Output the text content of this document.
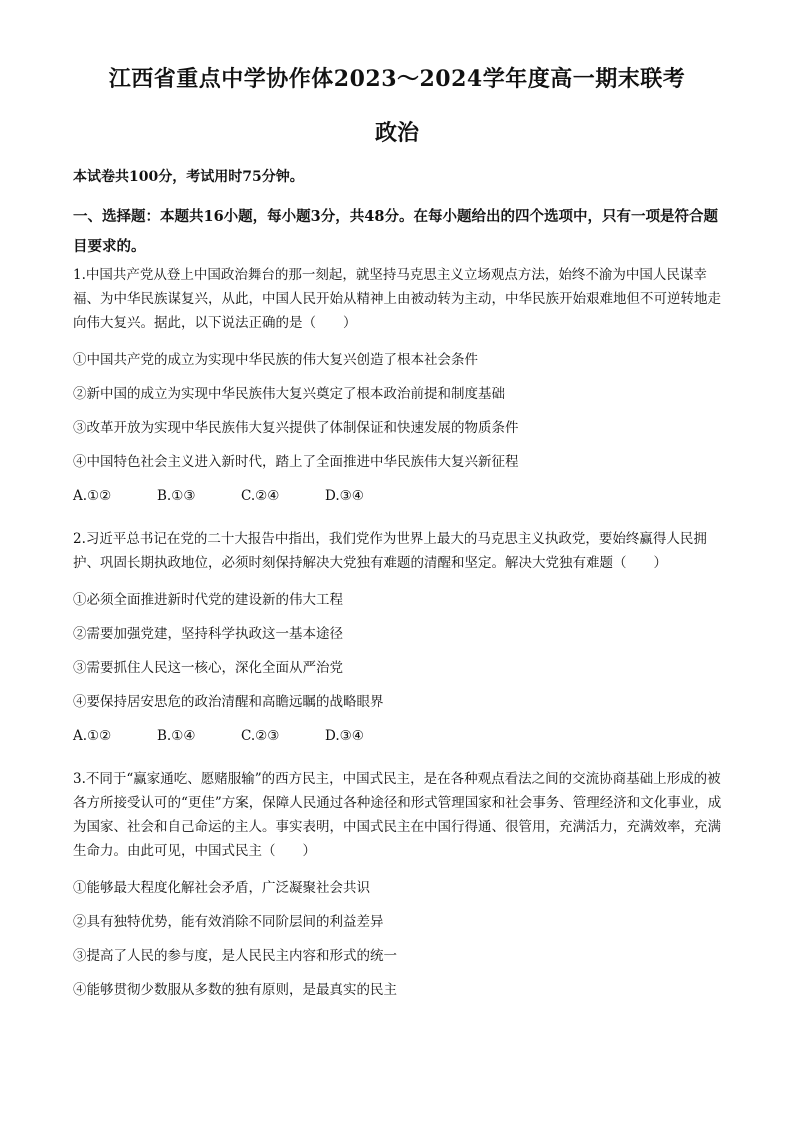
江西省重点中学协作体2023～2024学年度高一期末联考
政治
本试卷共100分，考试用时75分钟。
一、选择题：本题共16小题，每小题3分，共48分。在每小题给出的四个选项中，只有一项是符合题目要求的。
1.中国共产党从登上中国政治舞台的那一刻起，就坚持马克思主义立场观点方法，始终不渝为中国人民谋幸福、为中华民族谋复兴，从此，中国人民开始从精神上由被动转为主动，中华民族开始艰难地但不可逆转地走向伟大复兴。据此，以下说法正确的是（　　）
①中国共产党的成立为实现中华民族的伟大复兴创造了根本社会条件
②新中国的成立为实现中华民族伟大复兴奠定了根本政治前提和制度基础
③改革开放为实现中华民族伟大复兴提供了体制保证和快速发展的物质条件
④中国特色社会主义进入新时代，踏上了全面推进中华民族伟大复兴新征程
A.①②	B.①③	C.②④	D.③④
2.习近平总书记在党的二十大报告中指出，我们党作为世界上最大的马克思主义执政党，要始终赢得人民拥护、巩固长期执政地位，必须时刻保持解决大党独有难题的清醒和坚定。解决大党独有难题（　　）
①必须全面推进新时代党的建设新的伟大工程
②需要加强党建，坚持科学执政这一基本途径
③需要抓住人民这一核心，深化全面从严治党
④要保持居安思危的政治清醒和高瞻远瞩的战略眼界
A.①②	B.①④	C.②③	D.③④
3.不同于“赢家通吃、愿赌服输”的西方民主，中国式民主，是在各种观点看法之间的交流协商基础上形成的被各方所接受认可的“更佳”方案，保障人民通过各种途径和形式管理国家和社会事务、管理经济和文化事业，成为国家、社会和自己命运的主人。事实表明，中国式民主在中国行得通、很管用，充满活力，充满效率，充满生命力。由此可见，中国式民主（　　）
①能够最大程度化解社会矛盾，广泛凝聚社会共识
②具有独特优势，能有效消除不同阶层间的利益差异
③提高了人民的参与度，是人民民主内容和形式的统一
④能够贯彻少数服从多数的独有原则，是最真实的民主
